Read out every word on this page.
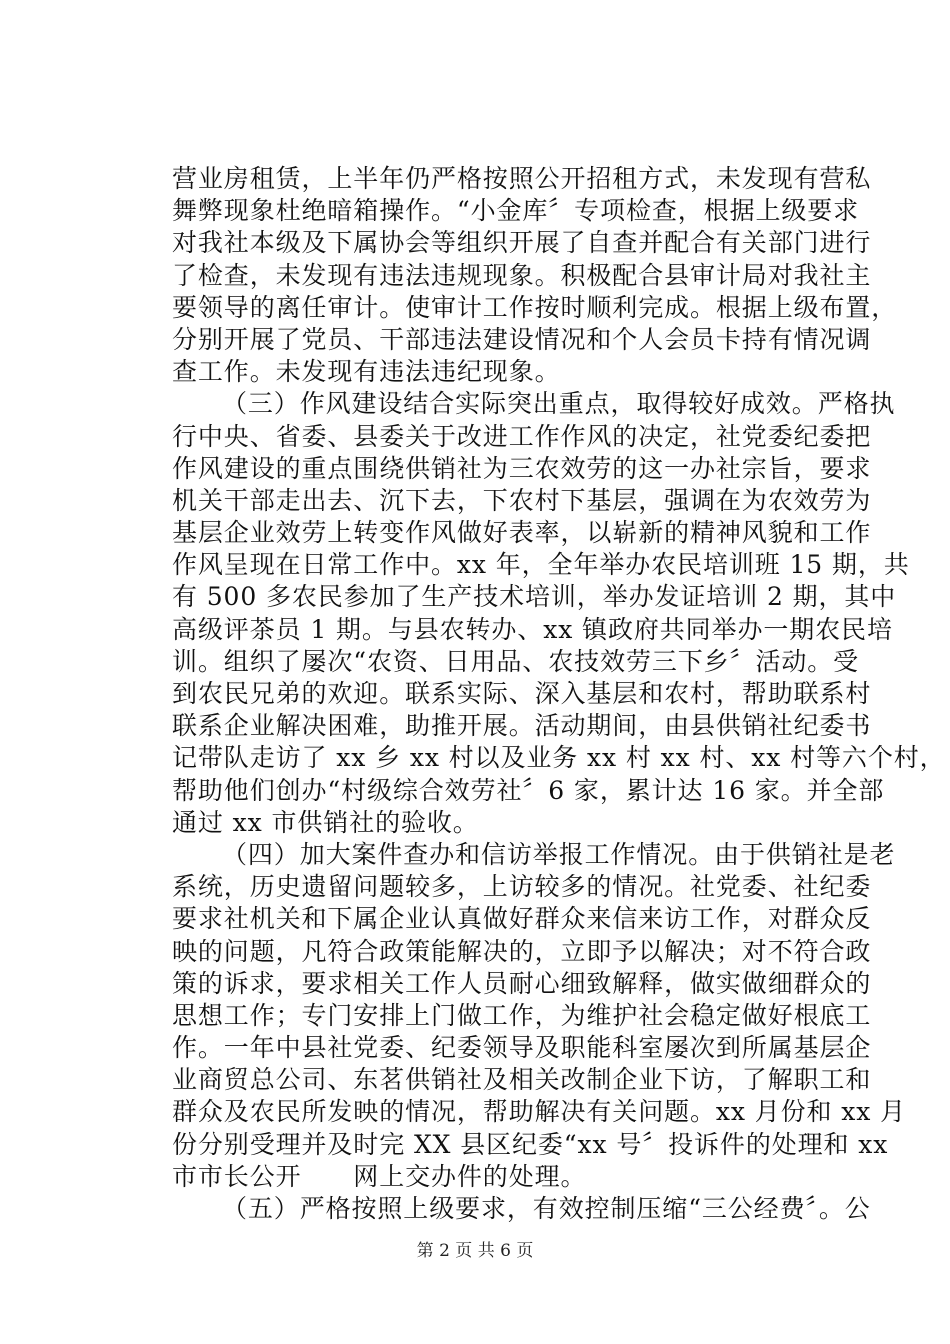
营业房租赁，上半年仍严格按照公开招租方式，未发现有营私
舞弊现象杜绝暗箱操作。“小金库〞专项检查，根据上级要求
对我社本级及下属协会等组织开展了自查并配合有关部门进行
了检查，未发现有违法违规现象。积极配合县审计局对我社主
要领导的离任审计。使审计工作按时顺利完成。根据上级布置，
分别开展了党员、干部违法建设情况和个人会员卡持有情况调
查工作。未发现有违法违纪现象。
（三）作风建设结合实际突出重点，取得较好成效。严格执
行中央、省委、县委关于改进工作作风的决定，社党委纪委把
作风建设的重点围绕供销社为三农效劳的这一办社宗旨，要求
机关干部走出去、沉下去，下农村下基层，强调在为农效劳为
基层企业效劳上转变作风做好表率，以崭新的精神风貌和工作
作风呈现在日常工作中。xx 年，全年举办农民培训班 15 期，共
有 500 多农民参加了生产技术培训，举办发证培训 2 期，其中
高级评茶员 1 期。与县农转办、xx 镇政府共同举办一期农民培
训。组织了屡次“农资、日用品、农技效劳三下乡〞活动。受
到农民兄弟的欢迎。联系实际、深入基层和农村，帮助联系村
联系企业解决困难，助推开展。活动期间，由县供销社纪委书
记带队走访了 xx 乡 xx 村以及业务 xx 村 xx 村、xx 村等六个村，
帮助他们创办“村级综合效劳社〞6 家，累计达 16 家。并全部
通过 xx 市供销社的验收。
（四）加大案件查办和信访举报工作情况。由于供销社是老
系统，历史遗留问题较多，上访较多的情况。社党委、社纪委
要求社机关和下属企业认真做好群众来信来访工作，对群众反
映的问题，凡符合政策能解决的，立即予以解决；对不符合政
策的诉求，要求相关工作人员耐心细致解释，做实做细群众的
思想工作；专门安排上门做工作，为维护社会稳定做好根底工
作。一年中县社党委、纪委领导及职能科室屡次到所属基层企
业商贸总公司、东茗供销社及相关改制企业下访，了解职工和
群众及农民所发映的情况，帮助解决有关问题。xx 月份和 xx 月
份分别受理并及时完 XX 县区纪委“xx 号〞投诉件的处理和 xx
市市长公开　　网上交办件的处理。
（五）严格按照上级要求，有效控制压缩“三公经费〞。公
第 2 页 共 6 页
